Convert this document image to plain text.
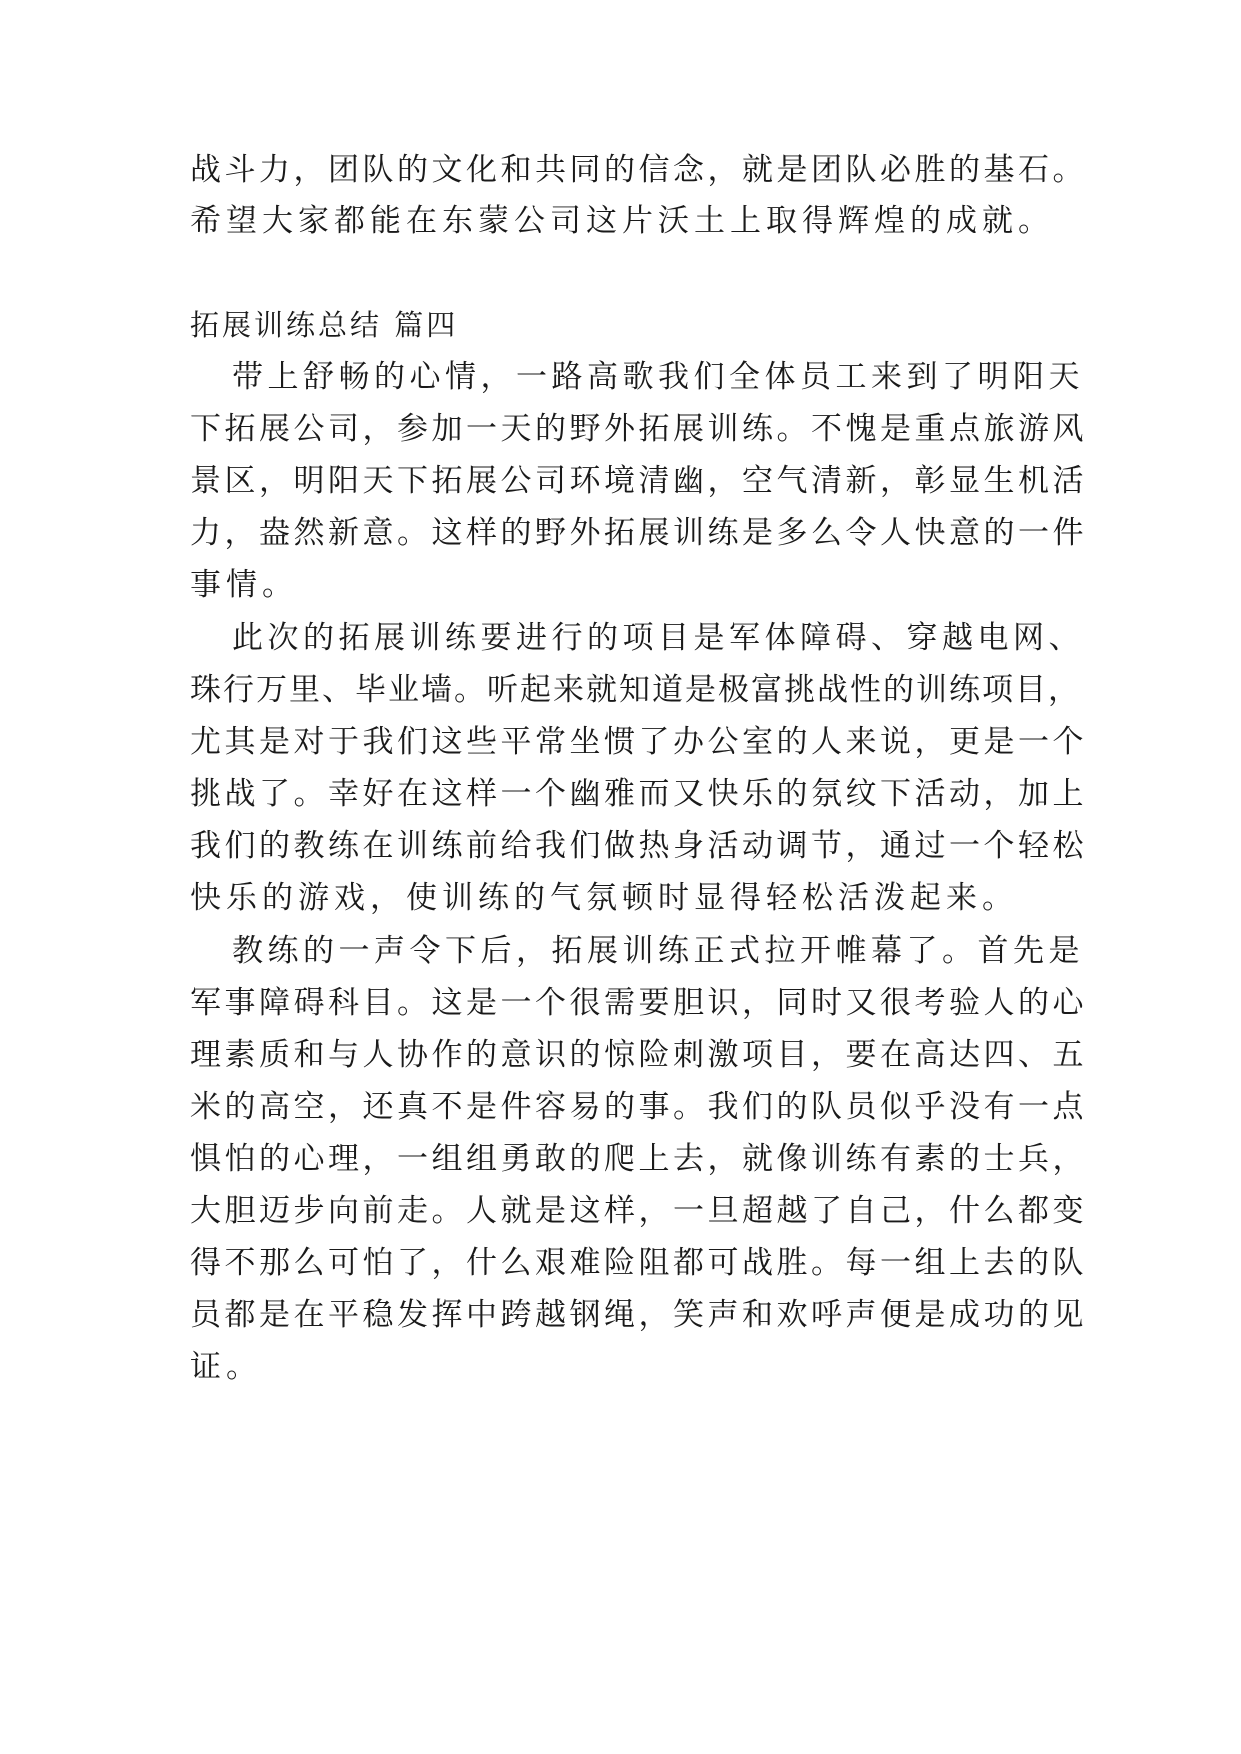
战斗力，团队的文化和共同的信念，就是团队必胜的基石。
希望大家都能在东蒙公司这片沃土上取得辉煌的成就。
拓展训练总结 篇四
带上舒畅的心情，一路高歌我们全体员工来到了明阳天
下拓展公司，参加一天的野外拓展训练。不愧是重点旅游风
景区，明阳天下拓展公司环境清幽，空气清新，彰显生机活
力，盎然新意。这样的野外拓展训练是多么令人快意的一件
事情。
此次的拓展训练要进行的项目是军体障碍、穿越电网、
珠行万里、毕业墙。听起来就知道是极富挑战性的训练项目，
尤其是对于我们这些平常坐惯了办公室的人来说，更是一个
挑战了。幸好在这样一个幽雅而又快乐的氛纹下活动，加上
我们的教练在训练前给我们做热身活动调节，通过一个轻松
快乐的游戏，使训练的气氛顿时显得轻松活泼起来。
教练的一声令下后，拓展训练正式拉开帷幕了。首先是
军事障碍科目。这是一个很需要胆识，同时又很考验人的心
理素质和与人协作的意识的惊险刺激项目，要在高达四、五
米的高空，还真不是件容易的事。我们的队员似乎没有一点
惧怕的心理，一组组勇敢的爬上去，就像训练有素的士兵，
大胆迈步向前走。人就是这样，一旦超越了自己，什么都变
得不那么可怕了，什么艰难险阻都可战胜。每一组上去的队
员都是在平稳发挥中跨越钢绳，笑声和欢呼声便是成功的见
证。
